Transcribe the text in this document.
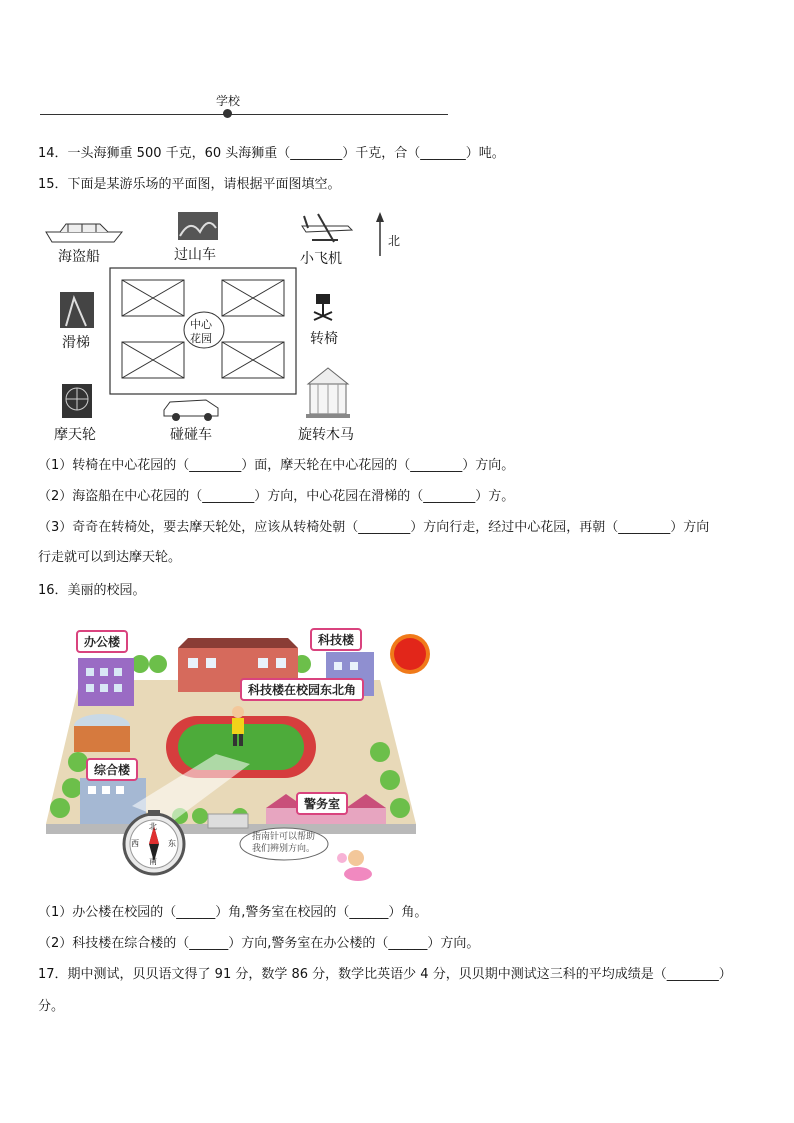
学校
14．一头海狮重 500 千克，60 头海狮重（________）千克，合（_______）吨。
15．下面是某游乐场的平面图，请根据平面图填空。
中心
花园
北
海盗船	过山车	小飞机
滑梯	转椅
摩天轮	碰碰车	旋转木马
（1）转椅在中心花园的（________）面，摩天轮在中心花园的（________）方向。
（2）海盗船在中心花园的（________）方向，中心花园在滑梯的（________）方。
（3）奇奇在转椅处，要去摩天轮处，应该从转椅处朝（________）方向行走，经过中心花园，再朝（________）方向
行走就可以到达摩天轮。
16．美丽的校园。
办公楼	科技楼
科技楼在校园东北角
综合楼
警务室
指南针可以帮助
我们辨别方向。
北
东
南
西
（1）办公楼在校园的（______）角,警务室在校园的（______）角。
（2）科技楼在综合楼的（______）方向,警务室在办公楼的（______）方向。
17．期中测试，贝贝语文得了 91 分，数学 86 分，数学比英语少 4 分，贝贝期中测试这三科的平均成绩是（________）
分。
